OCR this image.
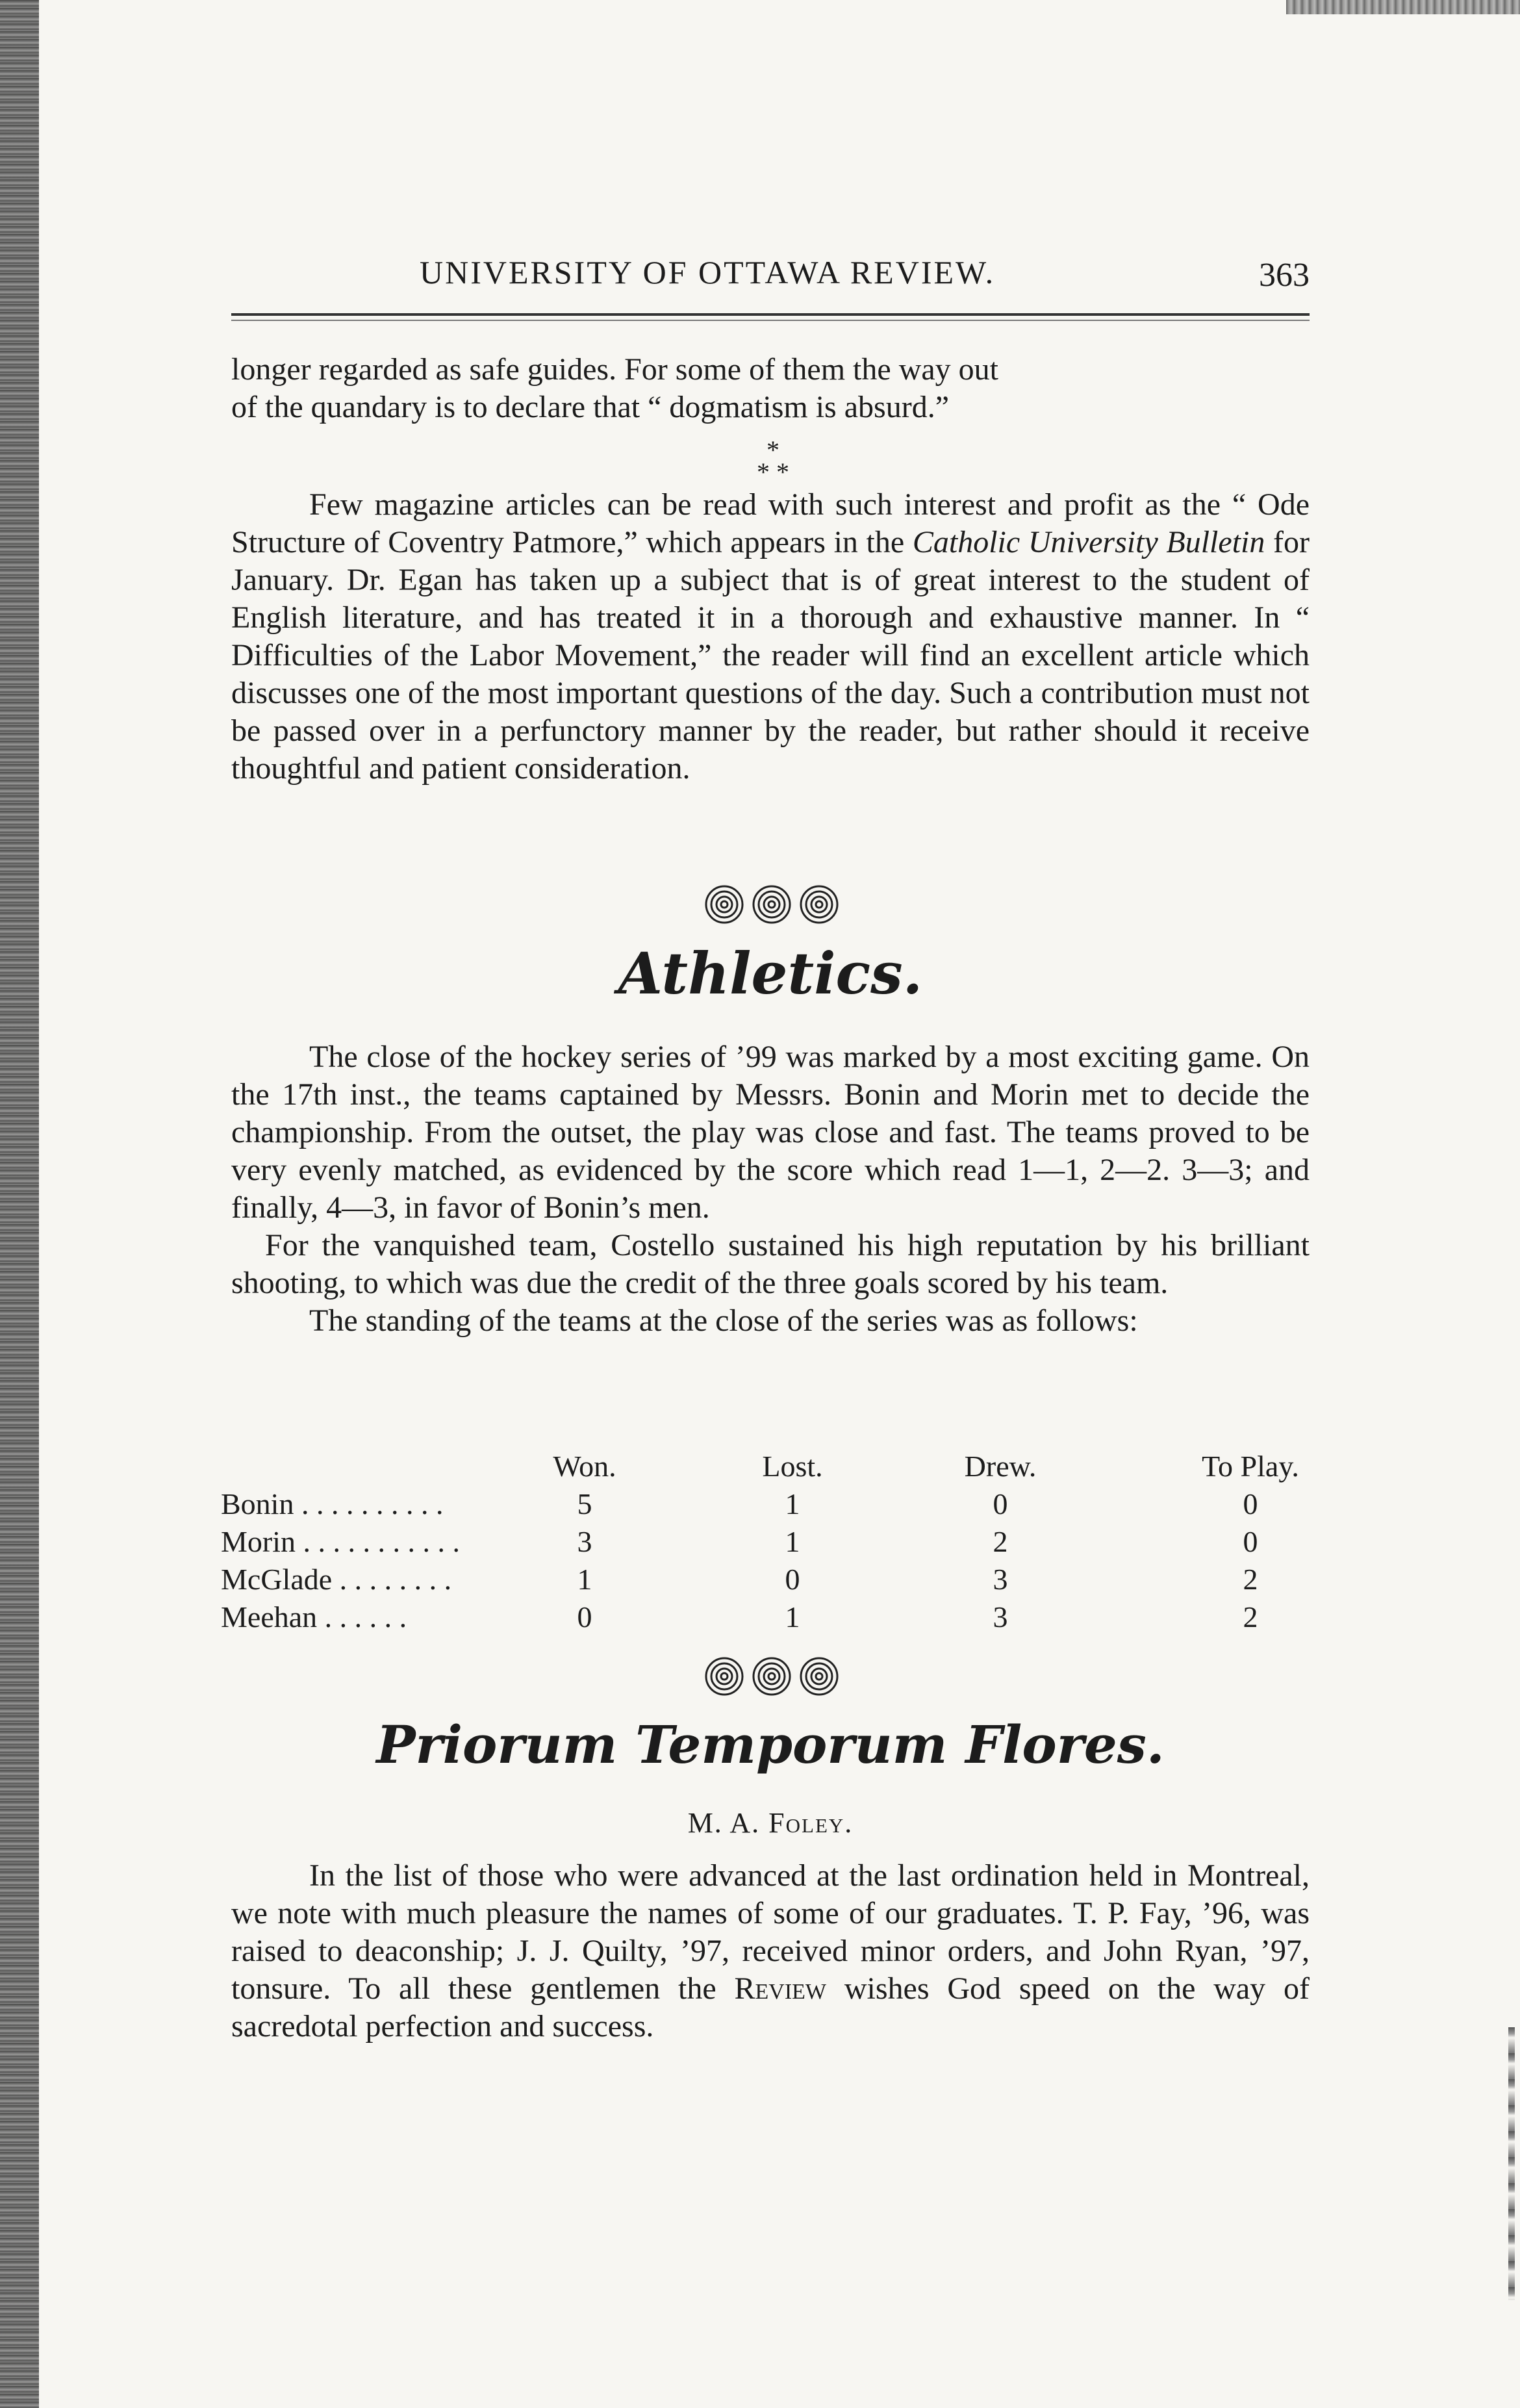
UNIVERSITY OF OTTAWA REVIEW.	363

longer regarded as safe guides. For some of them the way out

of the quandary is to declare that “ dogmatism is absurd.”

*
* *

Few magazine articles can be read with such interest and profit as the “ Ode Structure of Coventry Patmore,” which appears in the Catholic University Bulletin for January. Dr. Egan has taken up a subject that is of great interest to the student of English literature, and has treated it in a thorough and exhaustive manner. In “ Difficulties of the Labor Movement,” the reader will find an excellent article which discusses one of the most important questions of the day. Such a contribution must not be passed over in a perfunctory manner by the reader, but rather should it receive thoughtful and patient consideration.

Athletics.

The close of the hockey series of ’99 was marked by a most exciting game. On the 17th inst., the teams captained by Messrs. Bonin and Morin met to decide the championship. From the outset, the play was close and fast. The teams proved to be very evenly matched, as evidenced by the score which read 1—1, 2—2. 3—3; and finally, 4—3, in favor of Bonin’s men.

For the vanquished team, Costello sustained his high reputation by his brilliant shooting, to which was due the credit of the three goals scored by his team.

The standing of the teams at the close of the series was as follows:

Won.	Lost.	Drew.	To Play.
Bonin . . . . . . . . . .	5	1	0	0
Morin . . . . . . . . . . .	3	1	2	0
McGlade . . . . . . . .	1	0	3	2
Meehan . . . . . .	0	1	3	2
Priorum Temporum Flores.
M. A. Foley.

In the list of those who were advanced at the last ordination held in Montreal, we note with much pleasure the names of some of our graduates. T. P. Fay, ’96, was raised to deaconship; J. J. Quilty, ’97, received minor orders, and John Ryan, ’97, tonsure. To all these gentlemen the Review wishes God speed on the way of sacredotal perfection and success.
